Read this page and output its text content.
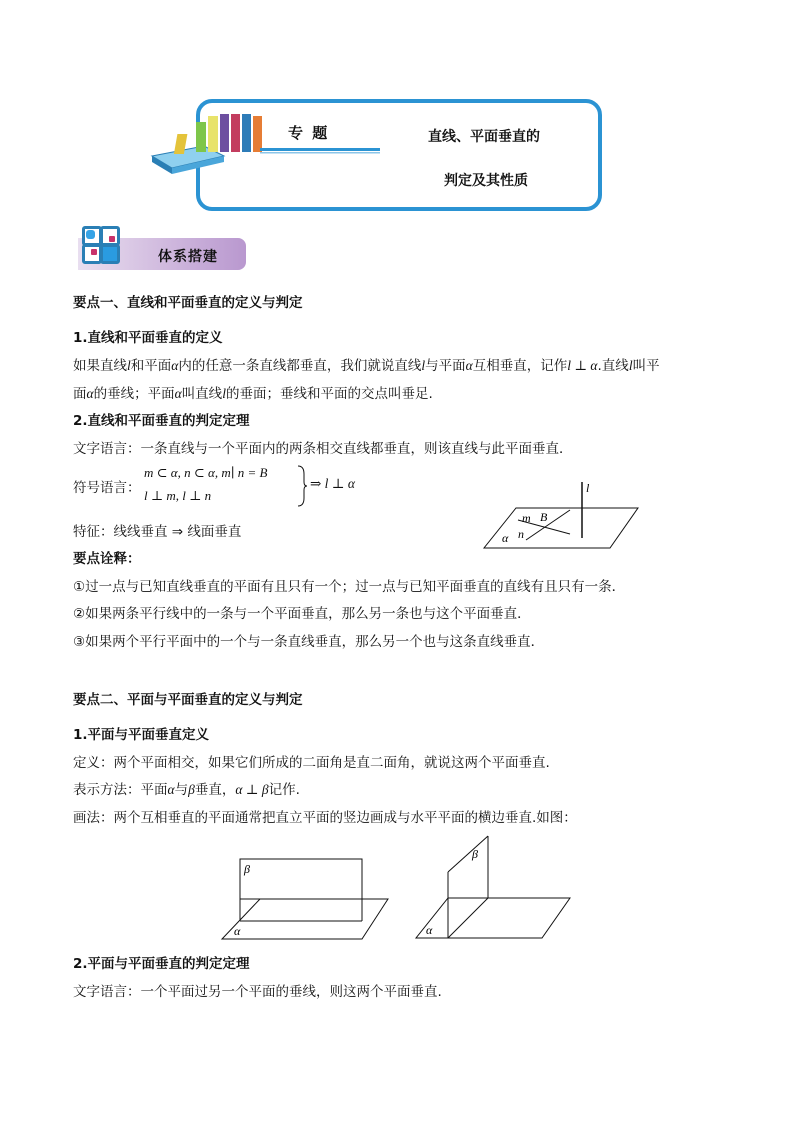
专 题	直线、平面垂直的
判定及其性质
体系搭建
要点一、直线和平面垂直的定义与判定
1.直线和平面垂直的定义
如果直线l和平面α内的任意一条直线都垂直，我们就说直线l与平面α互相垂直，记作l ⊥ α.直线l叫平
面α的垂线；平面α叫直线l的垂面；垂线和平面的交点叫垂足.
2.直线和平面垂直的判定定理
文字语言：一条直线与一个平面内的两条相交直线都垂直，则该直线与此平面垂直．
符号语言：
m ⊂ α, n ⊂ α, m∣ n = B
l ⊥ m, l ⊥ n
⇒ l ⊥ α
特征：线线垂直 ⇒ 线面垂直
要点诠释：
①过一点与已知直线垂直的平面有且只有一个；过一点与已知平面垂直的直线有且只有一条．
②如果两条平行线中的一条与一个平面垂直，那么另一条也与这个平面垂直．
③如果两个平行平面中的一个与一条直线垂直，那么另一个也与这条直线垂直．
l
m B
n
α
要点二、平面与平面垂直的定义与判定
1.平面与平面垂直定义
定义：两个平面相交，如果它们所成的二面角是直二面角，就说这两个平面垂直.
表示方法：平面α与β垂直，α ⊥ β记作.
画法：两个互相垂直的平面通常把直立平面的竖边画成与水平平面的横边垂直.如图：
β
α
β
α
2.平面与平面垂直的判定定理
文字语言：一个平面过另一个平面的垂线，则这两个平面垂直.
